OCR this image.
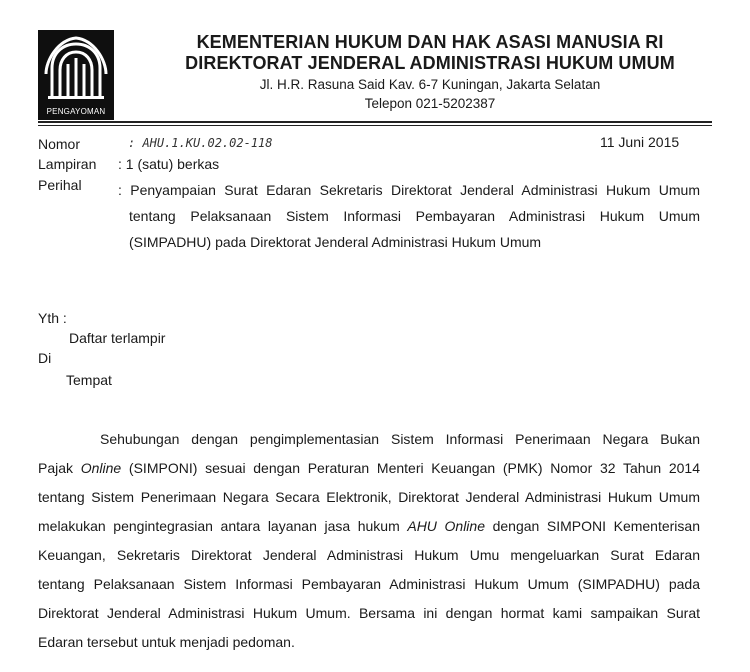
PENGAYOMAN
KEMENTERIAN HUKUM DAN HAK ASASI MANUSIA RI
DIREKTORAT JENDERAL ADMINISTRASI HUKUM UMUM
Jl. H.R. Rasuna Said Kav. 6-7 Kuningan, Jakarta Selatan
Telepon 021-5202387
Nomor	: AHU.1.KU.02.02-118	11 Juni 2015
Lampiran : 1 (satu) berkas
Perihal	: Penyampaian Surat Edaran Sekretaris Direktorat Jenderal Administrasi Hukum Umum
tentang Pelaksanaan Sistem Informasi Pembayaran Administrasi Hukum Umum
(SIMPADHU) pada Direktorat Jenderal Administrasi Hukum Umum
Yth :
Daftar terlampir
Di
Tempat
Sehubungan dengan pengimplementasian Sistem Informasi Penerimaan Negara Bukan
Pajak Online (SIMPONI) sesuai dengan Peraturan Menteri Keuangan (PMK) Nomor 32 Tahun 2014
tentang Sistem Penerimaan Negara Secara Elektronik, Direktorat Jenderal Administrasi Hukum Umum
melakukan pengintegrasian antara layanan jasa hukum AHU Online dengan SIMPONI Kementerisan
Keuangan, Sekretaris Direktorat Jenderal Administrasi Hukum Umu mengeluarkan Surat Edaran
tentang Pelaksanaan Sistem Informasi Pembayaran Administrasi Hukum Umum (SIMPADHU) pada
Direktorat Jenderal Administrasi Hukum Umum. Bersama ini dengan hormat kami sampaikan Surat
Edaran tersebut untuk menjadi pedoman.
